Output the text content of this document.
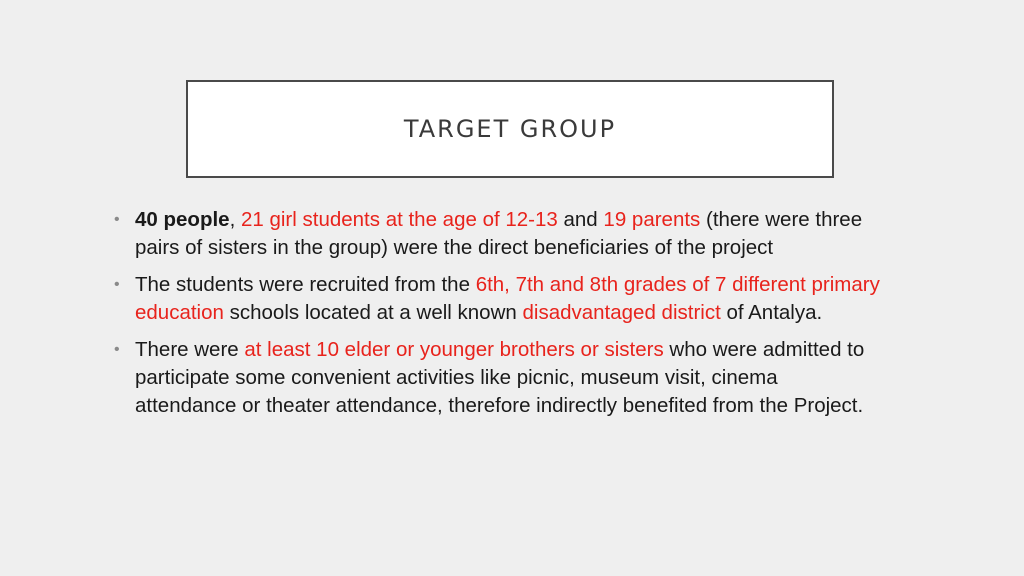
TARGET GROUP
• 40 people, 21 girl students at the age of 12-13 and 19 parents (there were three pairs of sisters in the group) were the direct beneficiaries of the project
• The students were recruited from the 6th, 7th and 8th grades of 7 different primary education schools located at a well known disadvantaged district of Antalya.
• There were at least 10 elder or younger brothers or sisters who were admitted to participate some convenient activities like picnic, museum visit, cinema attendance or theater attendance, therefore indirectly benefited from the Project.
